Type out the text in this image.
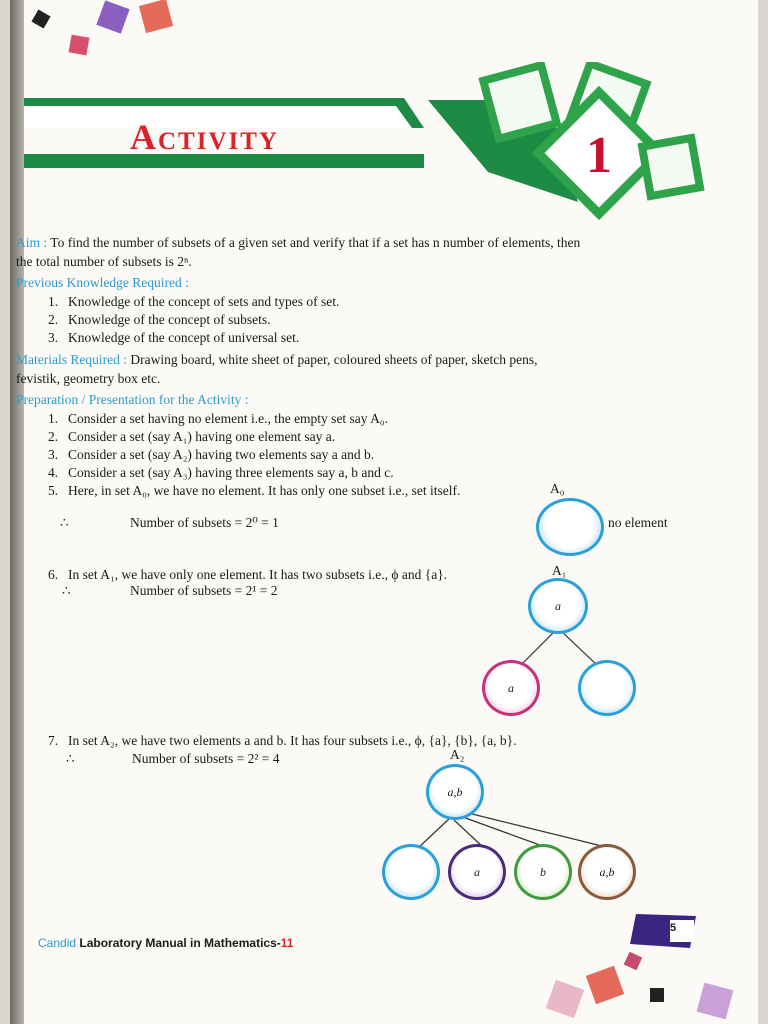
Activity	1
Aim : To find the number of subsets of a given set and verify that if a set has n number of elements, then
the total number of subsets is 2ⁿ.
Previous Knowledge Required :
1. Knowledge of the concept of sets and types of set.
2. Knowledge of the concept of subsets.
3. Knowledge of the concept of universal set.
Materials Required : Drawing board, white sheet of paper, coloured sheets of paper, sketch pens,
fevistik, geometry box etc.
Preparation / Presentation for the Activity :
1. Consider a set having no element i.e., the empty set say A₀.
2. Consider a set (say A₁) having one element say a.
3. Consider a set (say A₂) having two elements say a and b.
4. Consider a set (say A₃) having three elements say a, b and c.
5. Here, in set A₀, we have no element. It has only one subset i.e., set itself.
∴	Number of subsets = 2⁰ = 1
A₀
no element
6. In set A₁, we have only one element. It has two subsets i.e., ϕ and {a}.
∴	Number of subsets = 2¹ = 2
A₁
a
a
7. In set A₂, we have two elements a and b. It has four subsets i.e., ϕ, {a}, {b}, {a, b}.
∴	Number of subsets = 2² = 4	A₂
a,b
a	b	a,b
5
Candid Laboratory Manual in Mathematics-11
